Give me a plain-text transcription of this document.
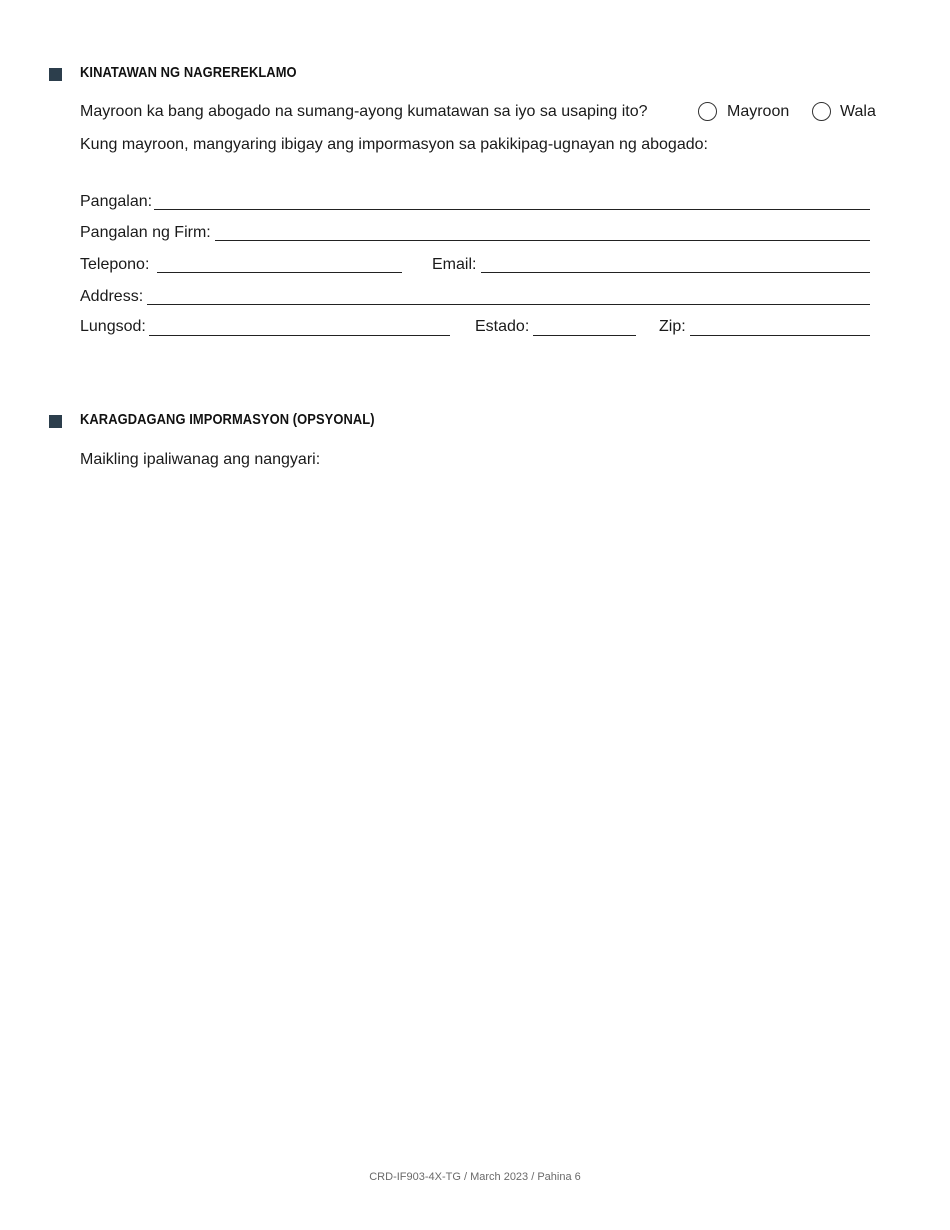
KINATAWAN NG NAGREREKLAMO
Mayroon ka bang abogado na sumang-ayong kumatawan sa iyo sa usaping ito?	Mayroon	Wala
Kung mayroon, mangyaring ibigay ang impormasyon sa pakikipag-ugnayan ng abogado:
Pangalan:
Pangalan ng Firm:
Telepono:	Email:
Address:
Lungsod:	Estado:	Zip:
KARAGDAGANG IMPORMASYON (OPSYONAL)
Maikling ipaliwanag ang nangyari:
CRD-IF903-4X-TG / March 2023 / Pahina 6
